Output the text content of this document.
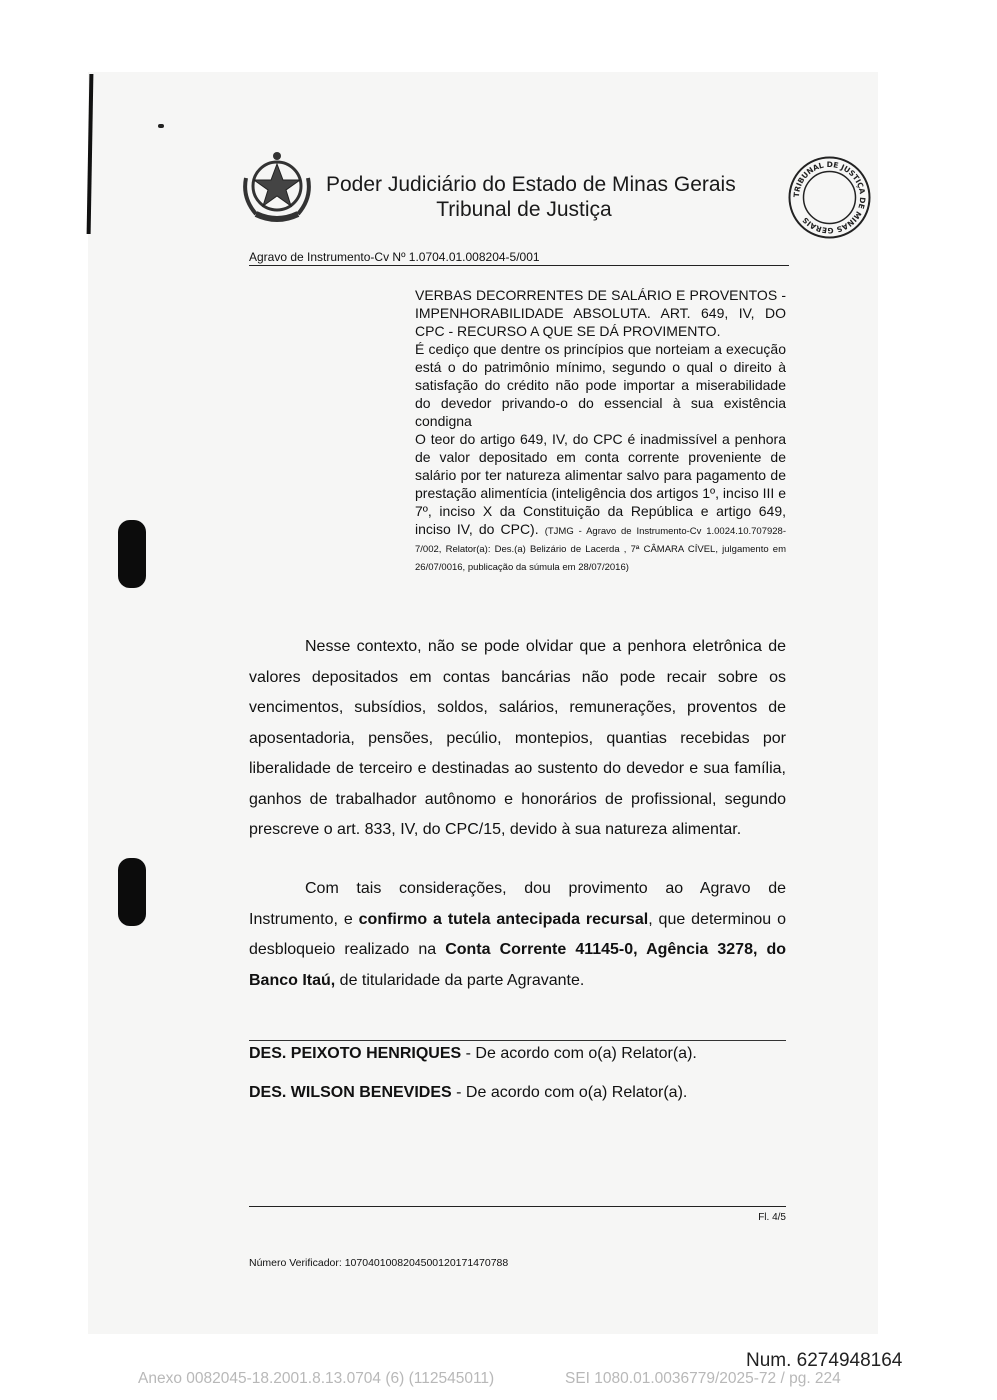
Poder Judiciário do Estado de Minas Gerais
Tribunal de Justiça
TRIBUNAL DE JUSTIÇA DE MINAS GERAIS
Agravo de Instrumento-Cv Nº 1.0704.01.008204-5/001

VERBAS DECORRENTES DE SALÁRIO E PROVENTOS - IMPENHORABILIDADE ABSOLUTA. ART. 649, IV, DO CPC - RECURSO A QUE SE DÁ PROVIMENTO.

É cediço que dentre os princípios que norteiam a execução está o do patrimônio mínimo, segundo o qual o direito à satisfação do crédito não pode importar a miserabilidade do devedor privando-o do essencial à sua existência condigna

O teor do artigo 649, IV, do CPC é inadmissível a penhora de valor depositado em conta corrente proveniente de salário por ter natureza alimentar salvo para pagamento de prestação alimentícia (inteligência dos artigos 1º, inciso III e 7º, inciso X da Constituição da República e artigo 649, inciso IV, do CPC). (TJMG - Agravo de Instrumento-Cv 1.0024.10.707928-7/002, Relator(a): Des.(a) Belizário de Lacerda , 7ª CÂMARA CÍVEL, julgamento em 26/07/0016, publicação da súmula em 28/07/2016)

Nesse contexto, não se pode olvidar que a penhora eletrônica de valores depositados em contas bancárias não pode recair sobre os vencimentos, subsídios, soldos, salários, remunerações, proventos de aposentadoria, pensões, pecúlio, montepios, quantias recebidas por liberalidade de terceiro e destinadas ao sustento do devedor e sua família, ganhos de trabalhador autônomo e honorários de profissional, segundo prescreve o art. 833, IV, do CPC/15, devido à sua natureza alimentar.

Com tais considerações, dou provimento ao Agravo de Instrumento, e confirmo a tutela antecipada recursal, que determinou o desbloqueio realizado na Conta Corrente 41145-0, Agência 3278, do Banco Itaú, de titularidade da parte Agravante.

DES. PEIXOTO HENRIQUES - De acordo com o(a) Relator(a).
DES. WILSON BENEVIDES - De acordo com o(a) Relator(a).
Fl. 4/5
Número Verificador: 1070401008204500120171470788
Num. 6274948164
Anexo 0082045-18.2001.8.13.0704 (6) (112545011)	SEI 1080.01.0036779/2025-72 / pg. 224
